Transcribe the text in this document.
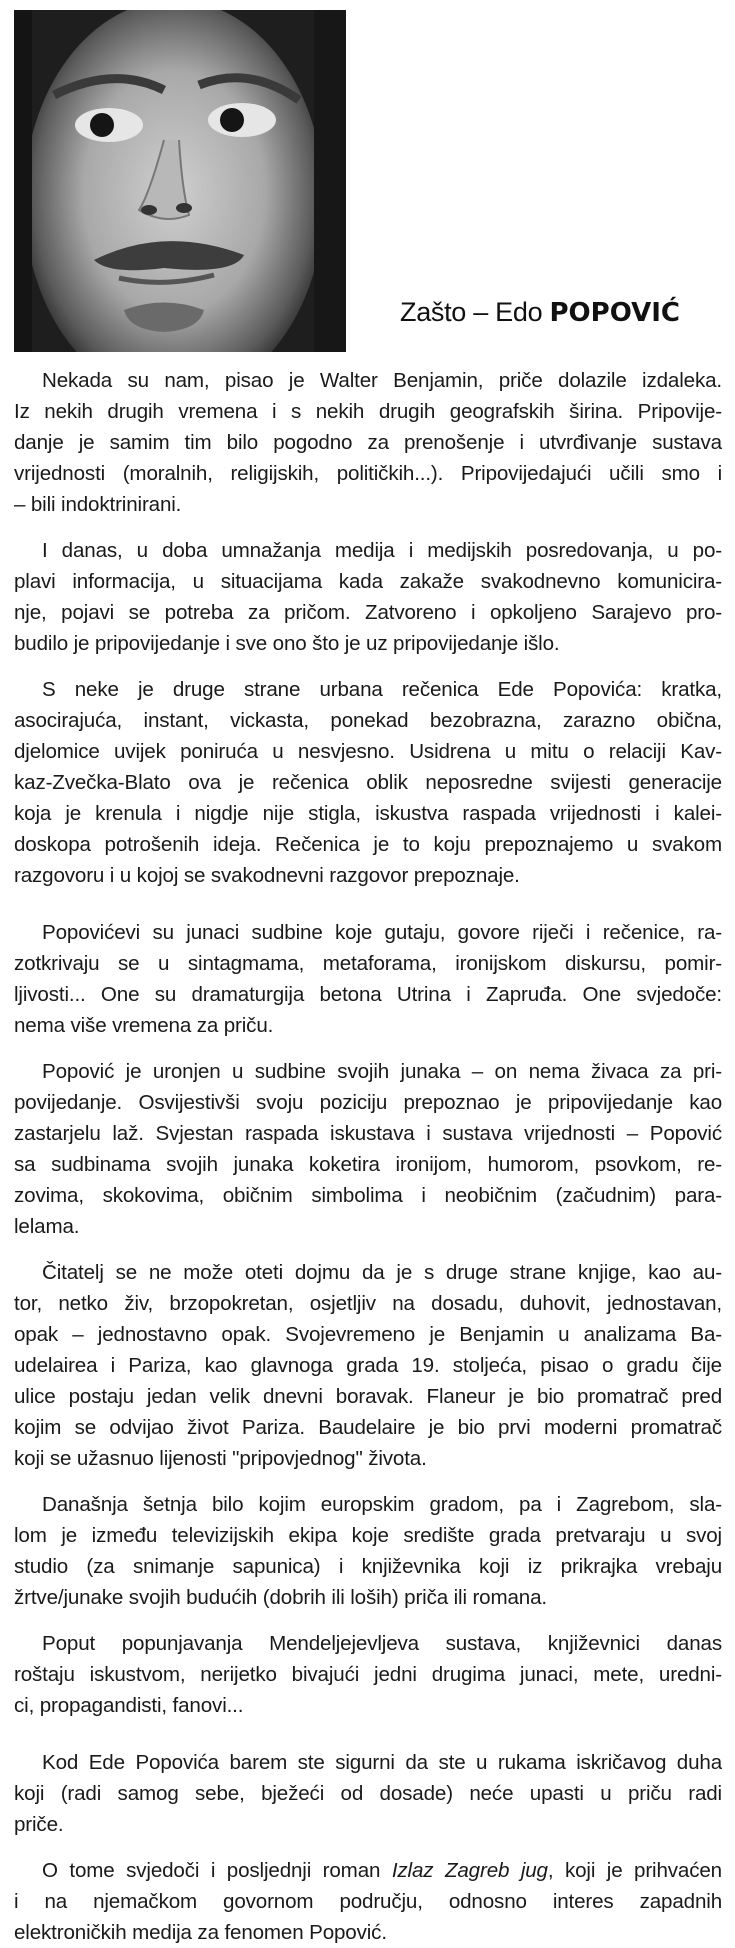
Zašto – Edo POPOVIĆ
Nekada su nam, pisao je Walter Benjamin, priče dolazile izdaleka.
Iz nekih drugih vremena i s nekih drugih geografskih širina. Pripovije-
danje je samim tim bilo pogodno za prenošenje i utvrđivanje sustava
vrijednosti (moralnih, religijskih, političkih...). Pripovijedajući učili smo i
– bili indoktrinirani.
I danas, u doba umnažanja medija i medijskih posredovanja, u po-
plavi informacija, u situacijama kada zakaže svakodnevno komunicira-
nje, pojavi se potreba za pričom. Zatvoreno i opkoljeno Sarajevo pro-
budilo je pripovijedanje i sve ono što je uz pripovijedanje išlo.
S neke je druge strane urbana rečenica Ede Popovića: kratka,
asocirajuća, instant, vickasta, ponekad bezobrazna, zarazno obična,
djelomice uvijek poniruća u nesvjesno. Usidrena u mitu o relaciji Kav-
kaz-Zvečka-Blato ova je rečenica oblik neposredne svijesti generacije
koja je krenula i nigdje nije stigla, iskustva raspada vrijednosti i kalei-
doskopa potrošenih ideja. Rečenica je to koju prepoznajemo u svakom
razgovoru i u kojoj se svakodnevni razgovor prepoznaje.
Popovićevi su junaci sudbine koje gutaju, govore riječi i rečenice, ra-
zotkrivaju se u sintagmama, metaforama, ironijskom diskursu, pomir-
ljivosti... One su dramaturgija betona Utrina i Zapruđa. One svjedoče:
nema više vremena za priču.
Popović je uronjen u sudbine svojih junaka – on nema živaca za pri-
povijedanje. Osvijestivši svoju poziciju prepoznao je pripovijedanje kao
zastarjelu laž. Svjestan raspada iskustava i sustava vrijednosti – Popović
sa sudbinama svojih junaka koketira ironijom, humorom, psovkom, re-
zovima, skokovima, običnim simbolima i neobičnim (začudnim) para-
lelama.
Čitatelj se ne može oteti dojmu da je s druge strane knjige, kao au-
tor, netko živ, brzopokretan, osjetljiv na dosadu, duhovit, jednostavan,
opak – jednostavno opak. Svojevremeno je Benjamin u analizama Ba-
udelairea i Pariza, kao glavnoga grada 19. stoljeća, pisao o gradu čije
ulice postaju jedan velik dnevni boravak. Flaneur je bio promatrač pred
kojim se odvijao život Pariza. Baudelaire je bio prvi moderni promatrač
koji se užasnuo lijenosti "pripovjednog" života.
Današnja šetnja bilo kojim europskim gradom, pa i Zagrebom, sla-
lom je između televizijskih ekipa koje središte grada pretvaraju u svoj
studio (za snimanje sapunica) i književnika koji iz prikrajka vrebaju
žrtve/junake svojih budućih (dobrih ili loših) priča ili romana.
Poput popunjavanja Mendeljejevljeva sustava, književnici danas
roštaju iskustvom, nerijetko bivajući jedni drugima junaci, mete, uredni-
ci, propagandisti, fanovi...
Kod Ede Popovića barem ste sigurni da ste u rukama iskričavog duha
koji (radi samog sebe, bježeći od dosade) neće upasti u priču radi
priče.
O tome svjedoči i posljednji roman Izlaz Zagreb jug, koji je prihvaćen
i na njemačkom govornom području, odnosno interes zapadnih
elektroničkih medija za fenomen Popović.
